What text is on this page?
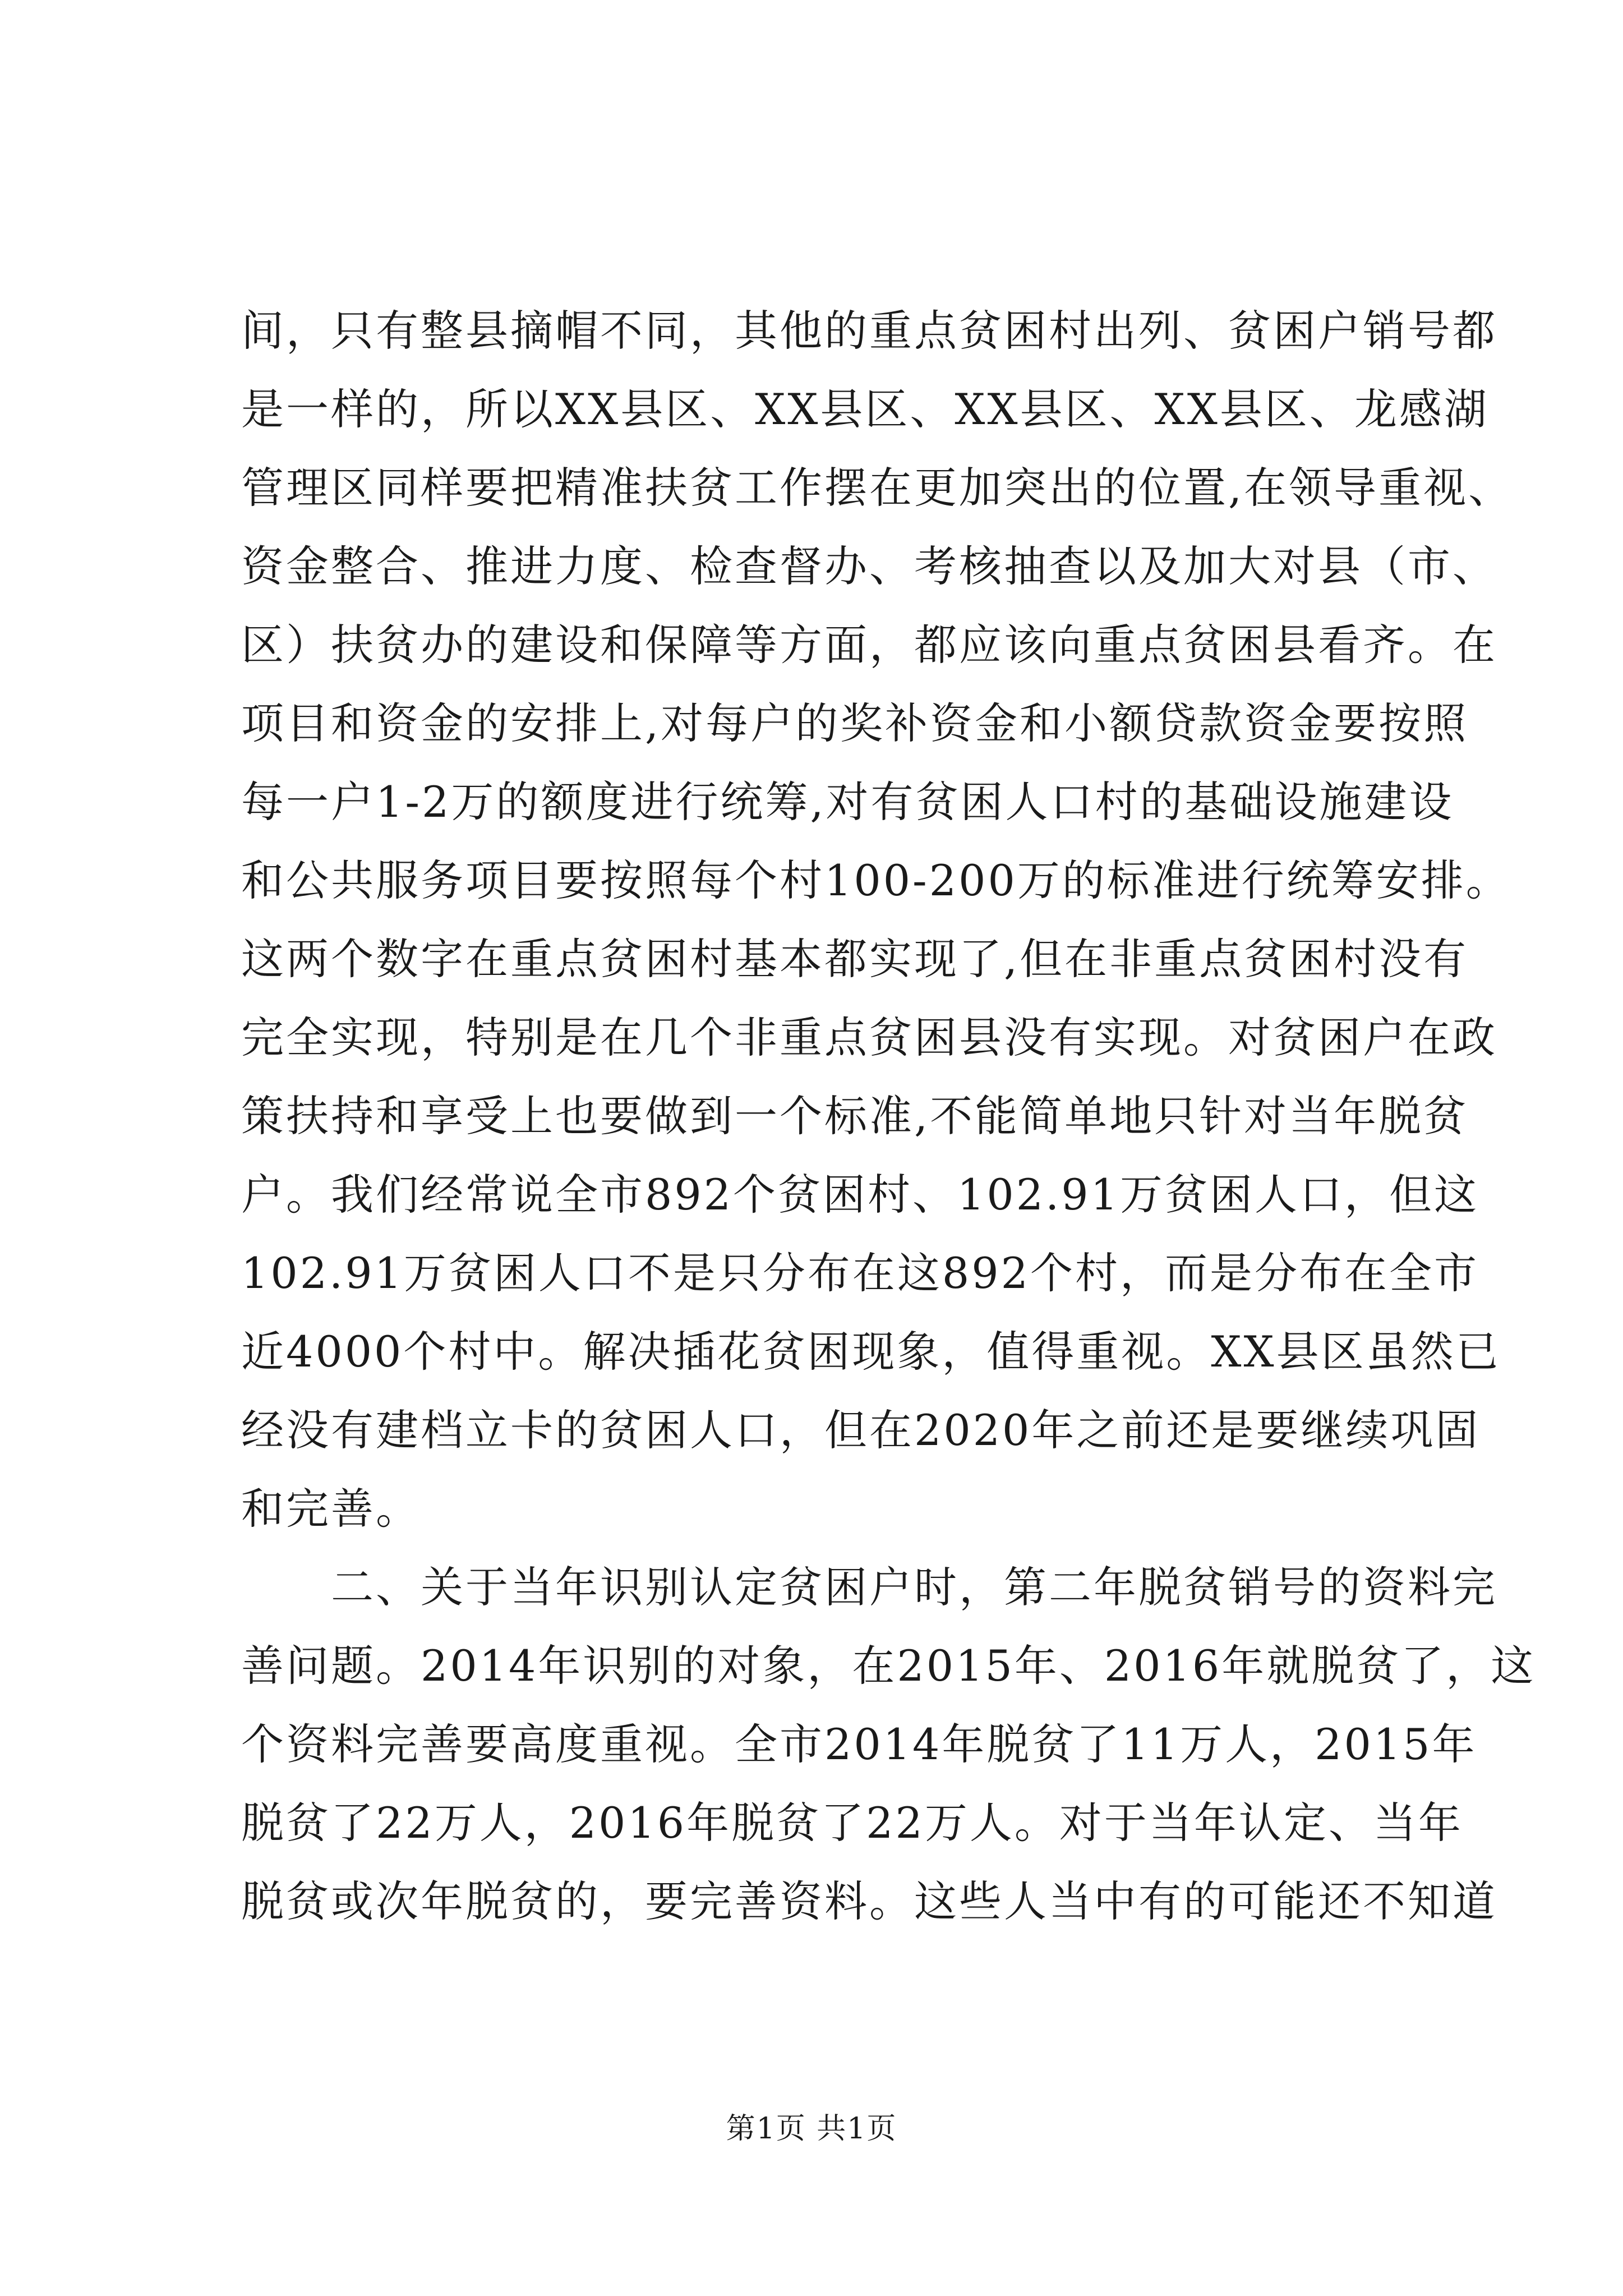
间，只有整县摘帽不同，其他的重点贫困村出列、贫困户销号都
是一样的，所以XX县区、XX县区、XX县区、XX县区、龙感湖
管理区同样要把精准扶贫工作摆在更加突出的位置,在领导重视、
资金整合、推进力度、检查督办、考核抽查以及加大对县（市、
区）扶贫办的建设和保障等方面，都应该向重点贫困县看齐。在
项目和资金的安排上,对每户的奖补资金和小额贷款资金要按照
每一户1-2万的额度进行统筹,对有贫困人口村的基础设施建设
和公共服务项目要按照每个村100-200万的标准进行统筹安排。
这两个数字在重点贫困村基本都实现了,但在非重点贫困村没有
完全实现，特别是在几个非重点贫困县没有实现。对贫困户在政
策扶持和享受上也要做到一个标准,不能简单地只针对当年脱贫
户。我们经常说全市892个贫困村、102.91万贫困人口，但这
102.91万贫困人口不是只分布在这892个村，而是分布在全市
近4000个村中。解决插花贫困现象，值得重视。XX县区虽然已
经没有建档立卡的贫困人口，但在2020年之前还是要继续巩固
和完善。
　　二、关于当年识别认定贫困户时，第二年脱贫销号的资料完
善问题。2014年识别的对象，在2015年、2016年就脱贫了，这
个资料完善要高度重视。全市2014年脱贫了11万人，2015年
脱贫了22万人，2016年脱贫了22万人。对于当年认定、当年
脱贫或次年脱贫的，要完善资料。这些人当中有的可能还不知道
第1页 共1页
